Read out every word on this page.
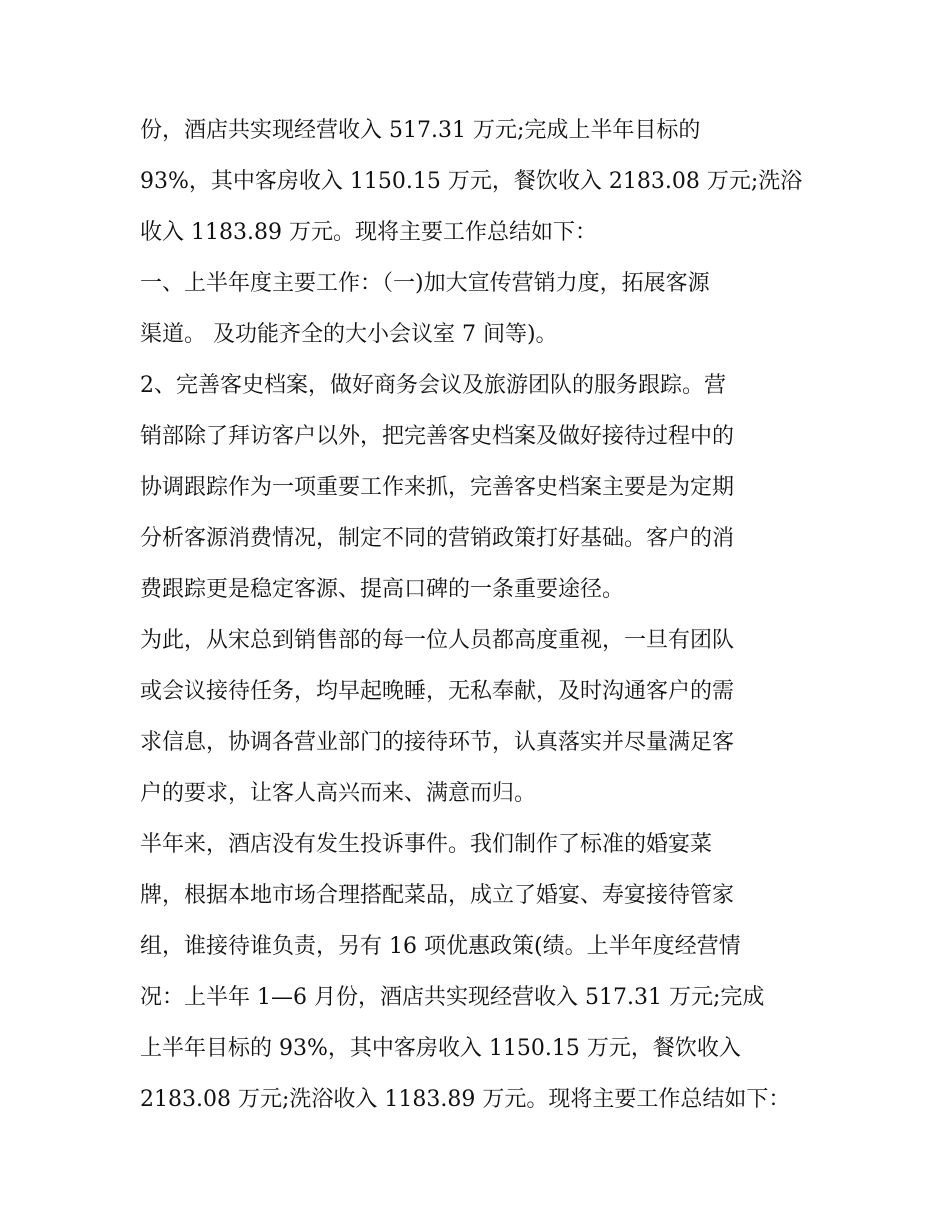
份，酒店共实现经营收入 517.31 万元;完成上半年目标的
93%，其中客房收入 1150.15 万元，餐饮收入 2183.08 万元;洗浴
收入 1183.89 万元。现将主要工作总结如下：
一、上半年度主要工作：（一)加大宣传营销力度，拓展客源
渠道。 及功能齐全的大小会议室 7 间等)。
2、完善客史档案，做好商务会议及旅游团队的服务跟踪。营
销部除了拜访客户以外，把完善客史档案及做好接待过程中的
协调跟踪作为一项重要工作来抓，完善客史档案主要是为定期
分析客源消费情况，制定不同的营销政策打好基础。客户的消
费跟踪更是稳定客源、提高口碑的一条重要途径。
为此，从宋总到销售部的每一位人员都高度重视，一旦有团队
或会议接待任务，均早起晚睡，无私奉献，及时沟通客户的需
求信息，协调各营业部门的接待环节，认真落实并尽量满足客
户的要求，让客人高兴而来、满意而归。
半年来，酒店没有发生投诉事件。我们制作了标准的婚宴菜
牌，根据本地市场合理搭配菜品，成立了婚宴、寿宴接待管家
组，谁接待谁负责，另有 16 项优惠政策(绩。上半年度经营情
况：上半年 1—6 月份，酒店共实现经营收入 517.31 万元;完成
上半年目标的 93%，其中客房收入 1150.15 万元，餐饮收入
2183.08 万元;洗浴收入 1183.89 万元。现将主要工作总结如下：
